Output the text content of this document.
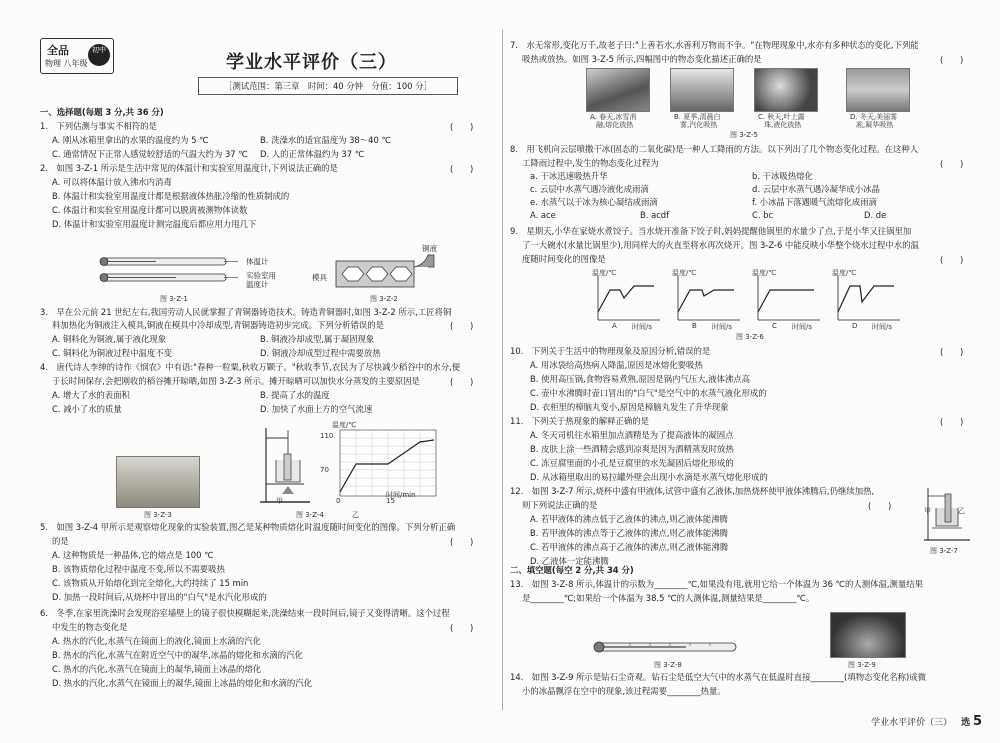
全品
物理 八年级
初中
学业水平评价（三）
［测试范围：第三章　时间：40 分钟　分值：100 分］
一、选择题(每题 3 分,共 36 分)
1.　下列估测与事实不相符的是	(　　)
A. 刚从冰箱里拿出的水果的温度约为 5 ℃	B. 洗澡水的适宜温度为 38～40 ℃
C. 通常情况下正常人感觉较舒适的气温大约为 37 ℃ D. 人的正常体温约为 37 ℃
2.　如图 3-Z-1 所示是生活中常见的体温计和实验室用温度计,下列说法正确的是	(　　)
A. 可以将体温计放入沸水内消毒
B. 体温计和实验室用温度计都是根据液体热胀冷缩的性质制成的
C. 体温计和实验室用温度计都可以脱离被测物体读数
D. 体温计和实验室用温度计测完温度后都应用力甩几下
体温计
实验室用
温度计
图 3-Z-1
铜液
模具
图 3-Z-2
3.　早在公元前 21 世纪左右,我国劳动人民就掌握了青铜器铸造技术。铸造青铜器时,如图 3-Z-2 所示,工匠将铜
料加热化为铜液注入模具,铜液在模具中冷却成型,青铜器铸造初步完成。下列分析错误的是	(　　)
A. 铜料化为铜液,属于液化现象	B. 铜液冷却成型,属于凝固现象
C. 铜料化为铜液过程中温度不变	D. 铜液冷却成型过程中需要放热
4.　唐代诗人李绅的诗作《悯农》中有语:"春种一粒粟,秋收万颗子。"秋收季节,农民为了尽快减少稻谷中的水分,便
于长时间保存,会把刚收的稻谷摊开晾晒,如图 3-Z-3 所示。摊开晾晒可以加快水分蒸发的主要原因是	(　　)
A. 增大了水的表面积	B. 提高了水的温度
C. 减小了水的质量	D. 加快了水面上方的空气流速
图 3-Z-3
甲
温度/℃
时间/min
110
70
0	15
乙
图 3-Z-4
5.　如图 3-Z-4 甲所示是观察熔化现象的实验装置,图乙是某种物质熔化时温度随时间变化的图像。下列分析正确
的是	(　　)
A. 这种物质是一种晶体,它的熔点是 100 ℃
B. 该物质熔化过程中温度不变,所以不需要吸热
C. 该物质从开始熔化到完全熔化,大约持续了 15 min
D. 加热一段时间后,从烧杯中冒出的"白气"是水汽化形成的
6.　冬季,在家里洗澡时会发现浴室墙壁上的镜子很快模糊起来,洗澡结束一段时间后,镜子又变得清晰。这个过程
中发生的物态变化是	(　　)
A. 热水的汽化,水蒸气在镜面上的液化,镜面上水滴的汽化
B. 热水的汽化,水蒸气在附近空气中的凝华,冰晶的熔化和水滴的汽化
C. 热水的汽化,水蒸气在镜面上的凝华,镜面上冰晶的熔化
D. 热水的汽化,水蒸气在镜面上的凝华,镜面上冰晶的熔化和水滴的汽化
7.　水无常形,变化万千,故老子曰:"上善若水,水善利万物而不争。"在物理现象中,水亦有多种状态的变化,下列能
吸热或放热。如图 3-Z-5 所示,四幅图中的物态变化描述正确的是	(　　)
A. 春天,冰雪消
融,熔化放热
B. 夏季,清晨白
雾,汽化吸热
C. 秋天,叶上露
珠,液化放热
D. 冬天,美丽雾
凇,凝华吸热
图 3-Z-5
8.　用飞机向云层喷撒干冰(固态的二氧化碳)是一种人工降雨的方法。以下列出了几个物态变化过程。在这种人
工降雨过程中,发生的物态变化过程为	(　　)
a. 干冰迅速吸热升华	b. 干冰吸热熔化
c. 云层中水蒸气遇冷液化成雨滴	d. 云层中水蒸气遇冷凝华成小冰晶
e. 水蒸气以干冰为核心凝结成雨滴	f. 小冰晶下落遇暖气流熔化成雨滴
A. ace	B. acdf	C. bc	D. de
9.　星期天,小华在家烧水煮饺子。当水烧开准备下饺子时,妈妈提醒他锅里的水量少了点,于是小华又往锅里加
了一大碗水(水量比锅里少),用同样大的火直至将水再次烧开。图 3-Z-6 中能反映小华整个烧水过程中水的温
度随时间变化的图像是	(　　)
温度/℃	温度/℃	温度/℃	温度/℃
时间/s	时间/s	时间/s	时间/s
A	B	C	D
图 3-Z-6
10.　下列关于生活中的物理现象及原因分析,错误的是	(　　)
A. 用冰袋给高热病人降温,原因是冰熔化要吸热
B. 使用高压锅,食物容易煮熟,原因是锅内气压大,液体沸点高
C. 壶中水沸腾时壶口冒出的"白气"是空气中的水蒸气液化形成的
D. 衣柜里的樟脑丸变小,原因是樟脑丸发生了升华现象
11.　下列关于热现象的解释正确的是	(　　)
A. 冬天司机往水箱里加点酒精是为了提高液体的凝固点
B. 皮肤上涂一些酒精会感到凉爽是因为酒精蒸发时放热
C. 冻豆腐里面的小孔是豆腐里的水先凝固后熔化形成的
D. 从冰箱里取出的易拉罐外壁会出现小水滴是水蒸气熔化形成的
12.　如图 3-Z-7 所示,烧杯中盛有甲液体,试管中盛有乙液体,加热烧杯使甲液体沸腾后,仍继续加热,
则下列说法正确的是	(　　)
A. 若甲液体的沸点低于乙液体的沸点,则乙液体能沸腾
B. 若甲液体的沸点等于乙液体的沸点,则乙液体能沸腾
C. 若甲液体的沸点高于乙液体的沸点,则乙液体能沸腾
D. 乙液体一定能沸腾
甲	乙
图 3-Z-7
二、填空题(每空 2 分,共 34 分)
13.　如图 3-Z-8 所示,体温计的示数为________℃,如果没有甩,就用它给一个体温为 36 ℃的人测体温,测量结果
是________℃;如果给一个体温为 38.5 ℃的人测体温,测量结果是________℃。
图 3-Z-8	图 3-Z-9
14.　如图 3-Z-9 所示是钻石尘奇观。钻石尘是低空大气中的水蒸气在低温时直接________(填物态变化名称)成微
小的冰晶飘浮在空中的现象,该过程需要________热量。
学业水平评价（三） 选 5
